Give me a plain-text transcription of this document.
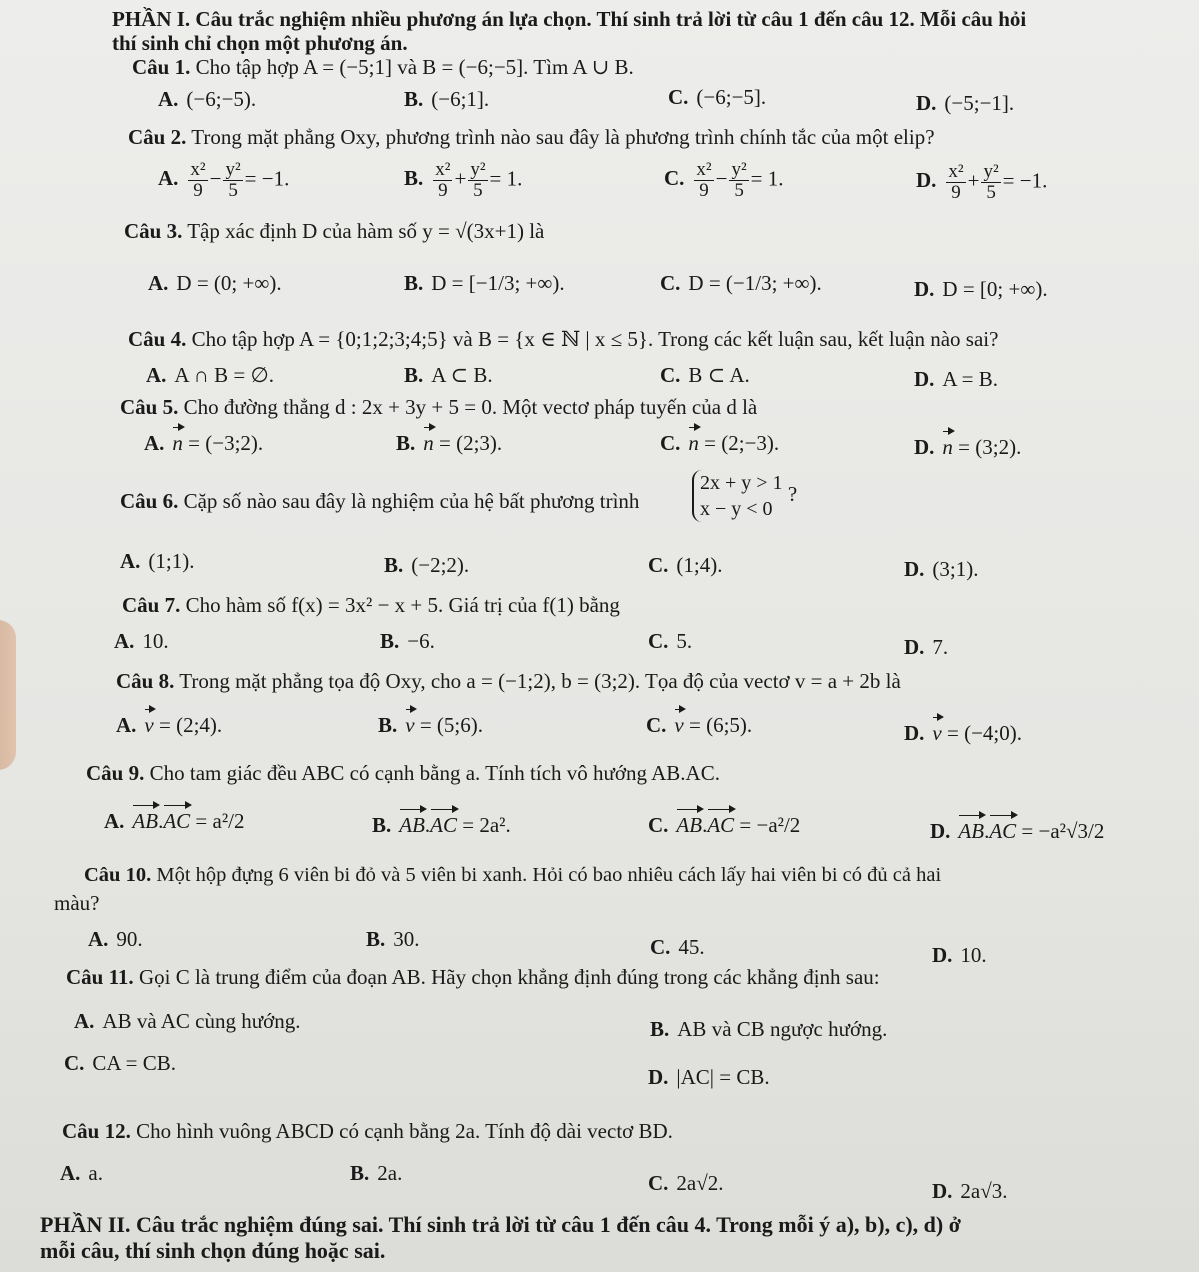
PHẦN I. Câu trắc nghiệm nhiều phương án lựa chọn. Thí sinh trả lời từ câu 1 đến câu 12. Mỗi câu hỏi
thí sinh chỉ chọn một phương án.
Câu 1. Cho tập hợp A = (−5;1] và B = (−6;−5]. Tìm A ∪ B.
A. (−6;−5).	B. (−6;1].	C. (−6;−5].	D. (−5;−1].
Câu 2. Trong mặt phẳng Oxy, phương trình nào sau đây là phương trình chính tắc của một elip?
A. $\frac{\text{x²}}{9} - \frac{\text{y²}}{5} = -1$.	B. $\frac{\text{x²}}{9} + \frac{\text{y²}}{5} = 1$.	C. $\frac{\text{x²}}{9} - \frac{\text{y²}}{5} = 1$.	D. $\frac{\text{x²}}{9} + \frac{\text{y²}}{5} = -1$.
Câu 3. Tập xác định D của hàm số y = √(3x+1) là
A. D = (0; +∞).	B. D = [−1/3; +∞).	C. D = (−1/3; +∞).	D. D = [0; +∞).
Câu 4. Cho tập hợp A = {0;1;2;3;4;5} và B = {x ∈ ℕ | x ≤ 5}. Trong các kết luận sau, kết luận nào sai?
A. A ∩ B = ∅.	B. A ⊂ B.	C. B ⊂ A.	D. A = B.
Câu 5. Cho đường thẳng d : 2x + 3y + 5 = 0. Một vectơ pháp tuyến của d là
A. n = (−3;2).	B. n = (2;3).	C. n = (2;−3).	D. n = (3;2).
Câu 6. Cặp số nào sau đây là nghiệm của hệ bất phương trình
2x + y > 1
x − y < 0
?
A. (1;1).	B. (−2;2).	C. (1;4).	D. (3;1).
Câu 7. Cho hàm số f(x) = 3x² − x + 5. Giá trị của f(1) bằng
A. 10.	B. −6.	C. 5.	D. 7.
Câu 8. Trong mặt phẳng tọa độ Oxy, cho a = (−1;2), b = (3;2). Tọa độ của vectơ v = a + 2b là
A. v = (2;4).	B. v = (5;6).	C. v = (6;5).	D. v = (−4;0).
Câu 9. Cho tam giác đều ABC có cạnh bằng a. Tính tích vô hướng AB.AC.
A. AB.AC = a²/2	B. AB.AC = 2a².	C. AB.AC = −a²/2	D. AB.AC = −a²√3/2
Câu 10. Một hộp đựng 6 viên bi đỏ và 5 viên bi xanh. Hỏi có bao nhiêu cách lấy hai viên bi có đủ cả hai
màu?
A. 90.	B. 30.	C. 45.	D. 10.
Câu 11. Gọi C là trung điểm của đoạn AB. Hãy chọn khẳng định đúng trong các khẳng định sau:
A. AB và AC cùng hướng.	B. AB và CB ngược hướng.
C. CA = CB.
D. |AC| = CB.
Câu 12. Cho hình vuông ABCD có cạnh bằng 2a. Tính độ dài vectơ BD.
A. a.	B. 2a.	C. 2a√2.	D. 2a√3.
PHẦN II. Câu trắc nghiệm đúng sai. Thí sinh trả lời từ câu 1 đến câu 4. Trong mỗi ý a), b), c), d) ở
mỗi câu, thí sinh chọn đúng hoặc sai.
